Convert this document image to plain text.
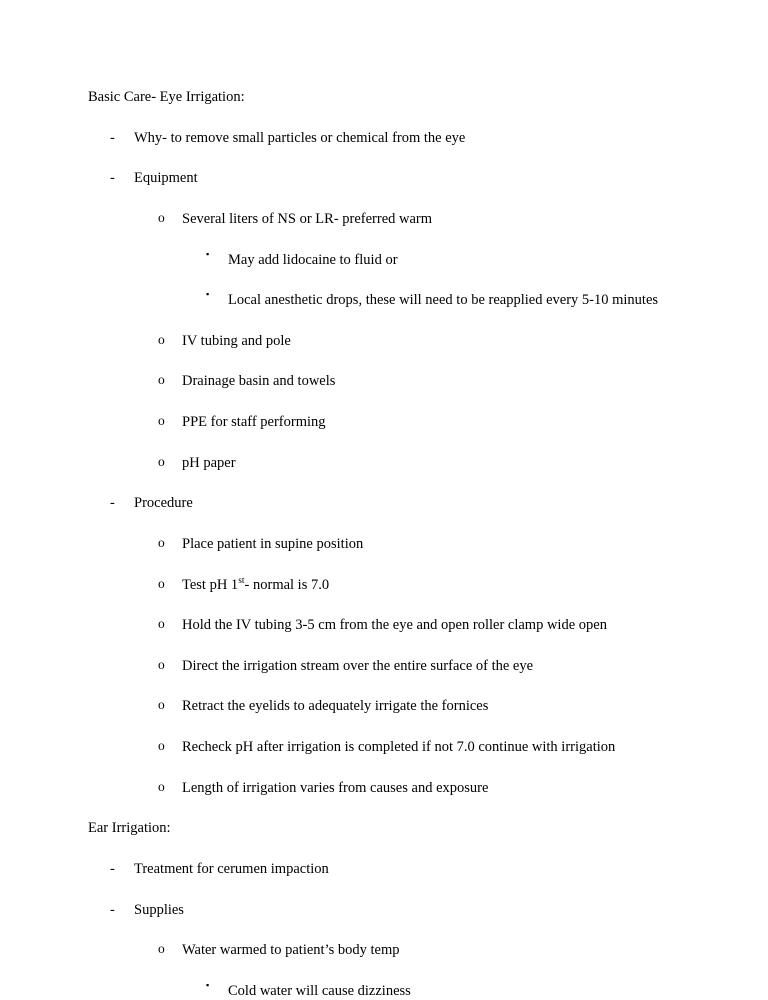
Basic Care- Eye Irrigation:
-	Why- to remove small particles or chemical from the eye
-	Equipment
o	Several liters of NS or LR- preferred warm
▪	May add lidocaine to fluid or
▪	Local anesthetic drops, these will need to be reapplied every 5-10 minutes
o	IV tubing and pole
o	Drainage basin and towels
o	PPE for staff performing
o	pH paper
-	Procedure
o	Place patient in supine position
o	Test pH 1st- normal is 7.0
o	Hold the IV tubing 3-5 cm from the eye and open roller clamp wide open
o	Direct the irrigation stream over the entire surface of the eye
o	Retract the eyelids to adequately irrigate the fornices
o	Recheck pH after irrigation is completed if not 7.0 continue with irrigation
o	Length of irrigation varies from causes and exposure
Ear Irrigation:
-	Treatment for cerumen impaction
-	Supplies
o	Water warmed to patient’s body temp
▪	Cold water will cause dizziness
